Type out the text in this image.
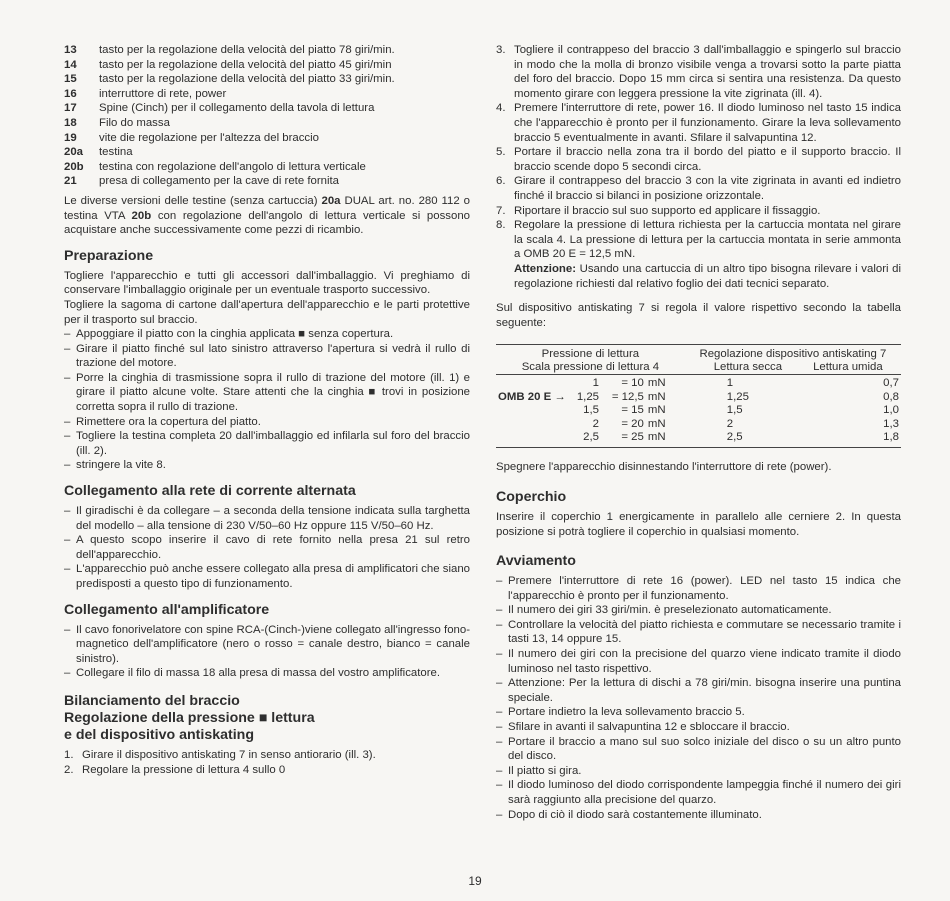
13	tasto per la regolazione della velocità del piatto 78 giri/min.
14	tasto per la regolazione della velocità del piatto 45 giri/min
15	tasto per la regolazione della velocità del piatto 33 giri/min.
16	interruttore di rete, power
17	Spine (Cinch) per il collegamento della tavola di lettura
18	Filo do massa
19	vite die regolazione per l'altezza del braccio
20a	testina
20b	testina con regolazione dell'angolo di lettura verticale
21	presa di collegamento per la cave di rete fornita

Le diverse versioni delle testine (senza cartuccia) 20a DUAL art. no. 280 112 o testina VTA 20b con regolazione dell'angolo di lettura verticale si possono acquistare anche successivamente come pezzi di ricambio.

Preparazione

Togliere l'apparecchio e tutti gli accessori dall'imballaggio. Vi preghiamo di conservare l'imballaggio originale per un eventuale trasporto successivo.

Togliere la sagoma di cartone dall'apertura dell'apparecchio e le parti protettive per il trasporto sul braccio.

– Appoggiare il piatto con la cinghia applicata ■ senza copertura.
– Girare il piatto finché sul lato sinistro attraverso l'apertura si vedrà il rullo di trazione del motore.
– Porre la cinghia di trasmissione sopra il rullo di trazione del motore (ill. 1) e girare il piatto alcune volte. Stare attenti che la cinghia ■ trovi in posizione corretta sopra il rullo di trazione.
– Rimettere ora la copertura del piatto.
– Togliere la testina completa 20 dall'imballaggio ed infilarla sul foro del braccio (ill. 2).
– stringere la vite 8.
Collegamento alla rete di corrente alternata
– Il giradischi è da collegare – a seconda della tensione indicata sulla targhetta del modello – alla tensione di 230 V/50–60 Hz oppure 115 V/50–60 Hz.
– A questo scopo inserire il cavo di rete fornito nella presa 21 sul retro dell'apparecchio.
– L'apparecchio può anche essere collegato alla presa di amplificatori che siano predisposti a questo tipo di funzionamento.
Collegamento all'amplificatore
– Il cavo fonorivelatore con spine RCA-(Cinch-)viene collegato all'ingresso fono-magnetico dell'amplificatore (nero o rosso = canale destro, bianco = canale sinistro).
– Collegare il filo di massa 18 alla presa di massa del vostro amplificatore.
Bilanciamento del braccio
Regolazione della pressione ■ lettura
e del dispositivo antiskating
1. Girare il dispositivo antiskating 7 in senso antiorario (ill. 3).
2. Regolare la pressione di lettura 4 sullo 0
3. Togliere il contrappeso del braccio 3 dall'imballaggio e spingerlo sul braccio in modo che la molla di bronzo visibile venga a trovarsi sotto la parte piatta del foro del braccio. Dopo 15 mm circa si sentira una resistenza. Da questo momento girare con leggera pressione la vite zigrinata (ill. 4).
4. Premere l'interruttore di rete, power 16. Il diodo luminoso nel tasto 15 indica che l'apparecchio è pronto per il funzionamento. Girare la leva sollevamento braccio 5 eventualmente in avanti. Sfilare il salvapuntina 12.
5. Portare il braccio nella zona tra il bordo del piatto e il supporto braccio. Il braccio scende dopo 5 secondi circa.
6. Girare il contrappeso del braccio 3 con la vite zigrinata in avanti ed indietro finché il braccio si bilanci in posizione orizzontale.
7. Riportare il braccio sul suo supporto ed applicare il fissaggio.
8. Regolare la pressione di lettura richiesta per la cartuccia montata nel girare la scala 4. La pressione di lettura per la cartuccia montata in serie ammonta a OMB 20 E = 12,5 mN.
Attenzione: Usando una cartuccia di un altro tipo bisogna rilevare i valori di regolazione richiesti dal relativo foglio dei dati tecnici separato.

Sul dispositivo antiskating 7 si regola il valore rispettivo secondo la tabella seguente:

Pressione di lettura
Scala pressione di lettura 4				Regolazione dispositivo antiskating 7
Lettura secca Lettura umida	

	1	= 10	mN	1	0,7
OMB 20 E →	1,25	= 12,5	mN	1,25	0,8
	1,5	= 15	mN	1,5	1,0
	2	= 20	mN	2	1,3
	2,5	= 25	mN	2,5	1,8

Spegnere l'apparecchio disinnestando l'interruttore di rete (power).

Coperchio

Inserire il coperchio 1 energicamente in parallelo alle cerniere 2. In questa posizione si potrà togliere il coperchio in qualsiasi momento.

Avviamento
– Premere l'interruttore di rete 16 (power). LED nel tasto 15 indica che l'apparecchio è pronto per il funzionamento.
– Il numero dei giri 33 giri/min. è preselezionato automaticamente.
– Controllare la velocità del piatto richiesta e commutare se necessario tramite i tasti 13, 14 oppure 15.
– Il numero dei giri con la precisione del quarzo viene indicato tramite il diodo luminoso nel tasto rispettivo.
– Attenzione: Per la lettura di dischi a 78 giri/min. bisogna inserire una puntina speciale.
– Portare indietro la leva sollevamento braccio 5.
– Sfilare in avanti il salvapuntina 12 e sbloccare il braccio.
– Portare il braccio a mano sul suo solco iniziale del disco o su un altro punto del disco.
– Il piatto si gira.
– Il diodo luminoso del diodo corrispondente lampeggia finché il numero dei giri sarà raggiunto alla precisione del quarzo.
– Dopo di ciò il diodo sarà costantemente illuminato.
19
